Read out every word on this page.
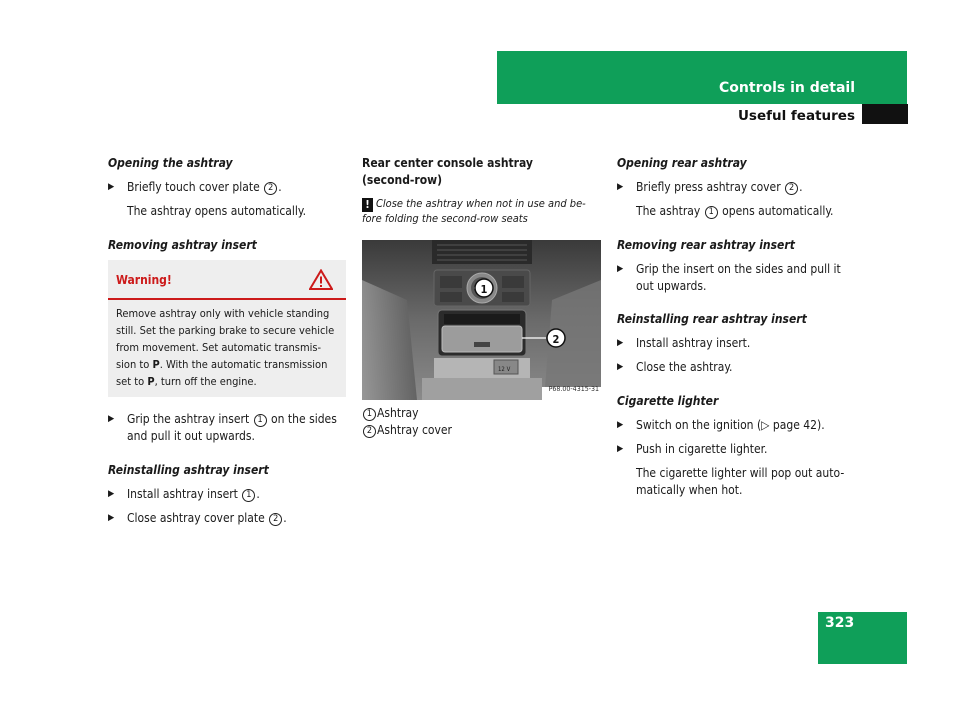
Controls in detail
Useful features

Opening the ashtray

▶ Briefly touch cover plate 2 .

The ashtray opens automatically.

Removing ashtray insert

Warning!
Remove ashtray only with vehicle standing
still. Set the parking brake to secure vehicle
from movement. Set automatic transmis-
sion to P. With the automatic transmission
set to P, turn off the engine.

▶ Grip the ashtray insert 1 on the sides
and pull it out upwards.

Reinstalling ashtray insert

▶ Install ashtray insert 1 .

▶ Close ashtray cover plate 2 .

Rear center console ashtray
(second-row)

! Close the ashtray when not in use and be-
fore folding the second-row seats
1
2
12 V
P68.00-4315-31

1 Ashtray

2 Ashtray cover

Opening rear ashtray

▶ Briefly press ashtray cover 2 .

The ashtray 1 opens automatically.

Removing rear ashtray insert

▶ Grip the insert on the sides and pull it
out upwards.

Reinstalling rear ashtray insert

▶ Install ashtray insert.

▶ Close the ashtray.

Cigarette lighter

▶ Switch on the ignition (▷ page 42).

▶ Push in cigarette lighter.

The cigarette lighter will pop out auto-
matically when hot.

323
